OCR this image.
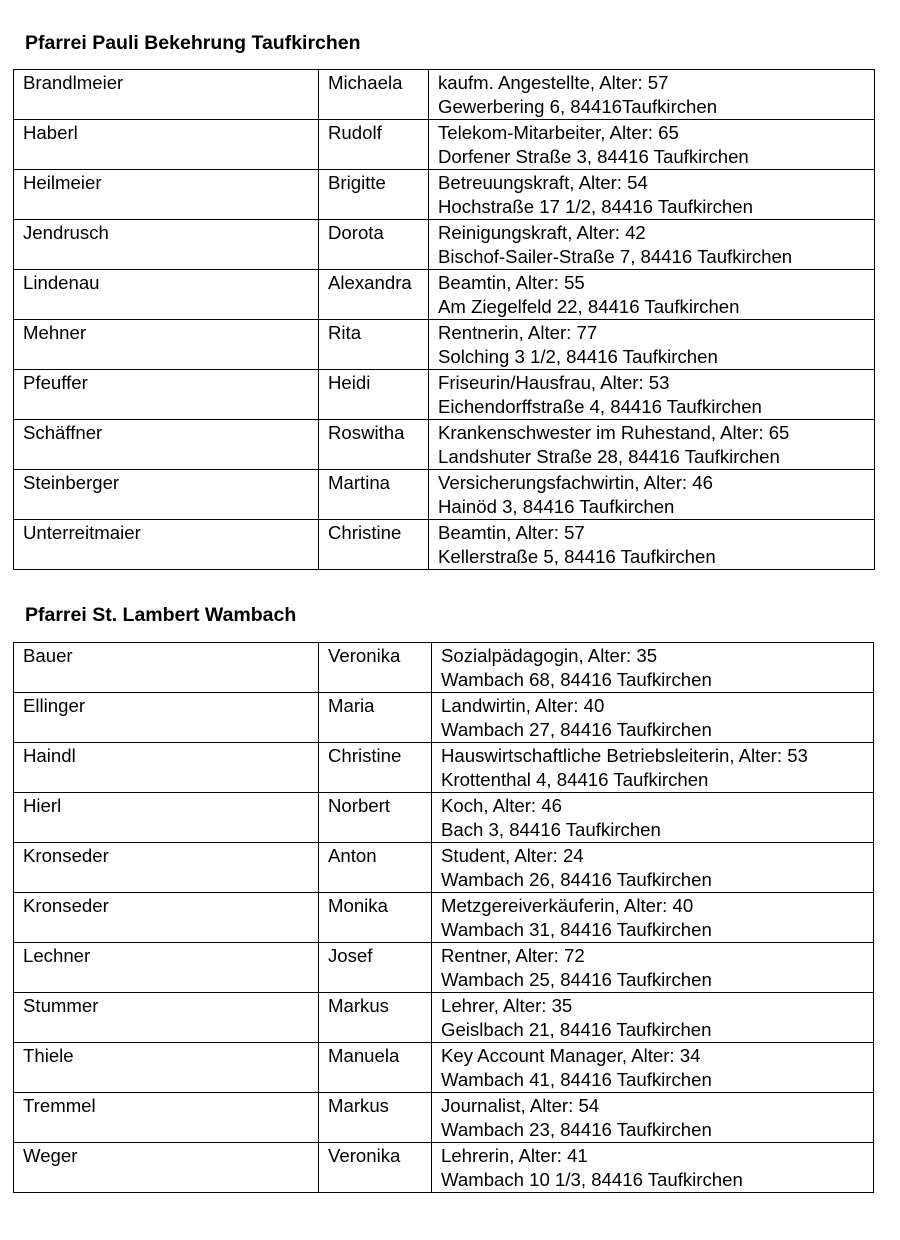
Pfarrei Pauli Bekehrung Taufkirchen
Brandlmeier	Michaela	kaufm. Angestellte, Alter: 57
Gewerbering 6, 84416Taufkirchen

Haberl	Rudolf	Telekom-Mitarbeiter, Alter: 65
Dorfener Straße 3, 84416 Taufkirchen

Heilmeier	Brigitte	Betreuungskraft, Alter: 54
Hochstraße 17 1/2, 84416 Taufkirchen

Jendrusch	Dorota	Reinigungskraft, Alter: 42
Bischof-Sailer-Straße 7, 84416 Taufkirchen

Lindenau	Alexandra	Beamtin, Alter: 55
Am Ziegelfeld 22, 84416 Taufkirchen

Mehner	Rita	Rentnerin, Alter: 77
Solching 3 1/2, 84416 Taufkirchen

Pfeuffer	Heidi	Friseurin/Hausfrau, Alter: 53
Eichendorffstraße 4, 84416 Taufkirchen

Schäffner	Roswitha	Krankenschwester im Ruhestand, Alter: 65
Landshuter Straße 28, 84416 Taufkirchen

Steinberger	Martina	Versicherungsfachwirtin, Alter: 46
Hainöd 3, 84416 Taufkirchen

Unterreitmaier	Christine	Beamtin, Alter: 57
Kellerstraße 5, 84416 Taufkirchen
Pfarrei St. Lambert Wambach
Bauer	Veronika	Sozialpädagogin, Alter: 35
Wambach 68, 84416 Taufkirchen

Ellinger	Maria	Landwirtin, Alter: 40
Wambach 27, 84416 Taufkirchen

Haindl	Christine	Hauswirtschaftliche Betriebsleiterin, Alter: 53
Krottenthal 4, 84416 Taufkirchen

Hierl	Norbert	Koch, Alter: 46
Bach 3, 84416 Taufkirchen

Kronseder	Anton	Student, Alter: 24
Wambach 26, 84416 Taufkirchen

Kronseder	Monika	Metzgereiverkäuferin, Alter: 40
Wambach 31, 84416 Taufkirchen

Lechner	Josef	Rentner, Alter: 72
Wambach 25, 84416 Taufkirchen

Stummer	Markus	Lehrer, Alter: 35
Geislbach 21, 84416 Taufkirchen

Thiele	Manuela	Key Account Manager, Alter: 34
Wambach 41, 84416 Taufkirchen

Tremmel	Markus	Journalist, Alter: 54
Wambach 23, 84416 Taufkirchen

Weger	Veronika	Lehrerin, Alter: 41
Wambach 10 1/3, 84416 Taufkirchen
